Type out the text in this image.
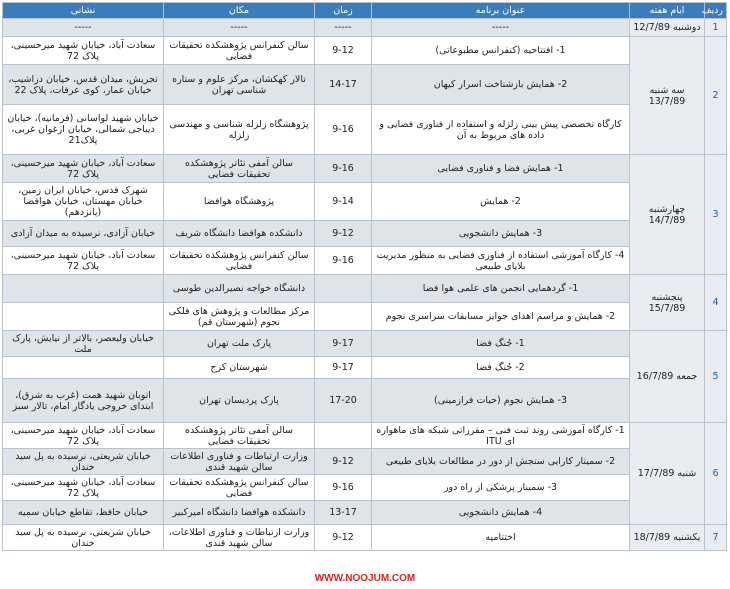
ردیف	ایام هفته	عنوان برنامه	زمان	مکان	نشانی
1	دوشنبه 12/7/89	-----	-----	-----	-----
2	سه شنبه 13/7/89	1- افتتاحیه (کنفرانس مطبوعاتی)	9-12	سالن کنفرانس پژوهشکده تحقیقات فضایی	سعادت آباد، خیابان شهید میرحسینی، پلاک 72
		2- همایش بازشناخت اسرار کیهان	14-17	تالار کهکشان، مرکز علوم و ستاره شناسی تهران	تجریش، میدان قدس، خیابان دزاشیب، خیابان عمار، کوی عرفات، پلاک 22
		کارگاه تخصصی پیش بینی زلزله و استفاده از فناوری فضایی و داده های مربوط به آن	9-16	پژوهشگاه زلزله شناسی و مهندسی زلزله	خیابان شهید لواسانی (فرمانیه)، خیابان دیباجی شمالی، خیابان ارغوان غربی، پلاک21
3	چهارشنبه 14/7/89	1- همایش فضا و فناوری فضایی	9-16	سالن آمفی تئاتر پژوهشکده تحقیقات فضایی	سعادت آباد، خیابان شهید میرحسینی، پلاک 72
		2- همایش	9-14	پژوهشگاه هوافضا	شهرک قدس، خیابان ایران زمین، خیابان مهستان، خیابان هوافضا (پانزدهم)
		3- همایش دانشجویی	9-12	دانشکده هوافضا دانشگاه شریف	خیابان آزادی، نرسیده به میدان آزادی
		4- کارگاه آموزشی استفاده از فناوری فضایی به منظور مدیریت بلایای طبیعی	9-16	سالن کنفرانس پژوهشکده تحقیقات فضایی	سعادت آباد، خیابان شهید میرحسینی، پلاک 72
4	پنجشنبه 15/7/89	1- گردهمایی انجمن های علمی هوا فضا		دانشگاه خواجه نصیرالدین طوسی	
		2- همایش و مراسم اهدای جوایز مسابقات سراسری نجوم		مرکز مطالعات و پژوهش های فلکی نجوم (شهرستان قم)	
5	جمعه 16/7/89	1- جُنگ فضا	9-17	پارک ملت تهران	خیابان ولیعصر، بالاتر از نیایش، پارک ملت
		2- جُنگ فضا	9-17	شهرستان کرج	
		3- همایش نجوم (حیات فرازمینی)	17-20	پارک پردیسان تهران	اتوبان شهید همت (غرب به شرق)، ابتدای خروجی یادگار امام، تالار سبز
6	شنبه 17/7/89	1- کارگاه آموزشی روند ثبت فنی – مقرراتی شبکه های ماهواره ای ITU		سالن آمفی تئاتر پژوهشکده تحقیقات فضایی	سعادت آباد، خیابان شهید میرحسینی، پلاک 72
		2- سمینار کارایی سنجش از دور در مطالعات بلایای طبیعی	9-12	وزارت ارتباطات و فناوری اطلاعات سالن شهید قندی	خیابان شریعتی، نرسیده به پل سید خندان
		3- سمینار پزشکی از راه دور	9-16	سالن کنفرانس پژوهشکده تحقیقات فضایی	سعادت آباد، خیابان شهید میرحسینی، پلاک 72
		4- همایش دانشجویی	13-17	دانشکده هوافضا دانشگاه امیرکبیر	خیابان حافظ، تقاطع خیابان سمیه
7	یکشنبه 18/7/89	اختتامیه	9-12	وزارت ارتباطات و فناوری اطلاعات، سالن شهید قندی	خیابان شریعتی، نرسیده به پل سید خندان
WWW.NOOJUM.COM
